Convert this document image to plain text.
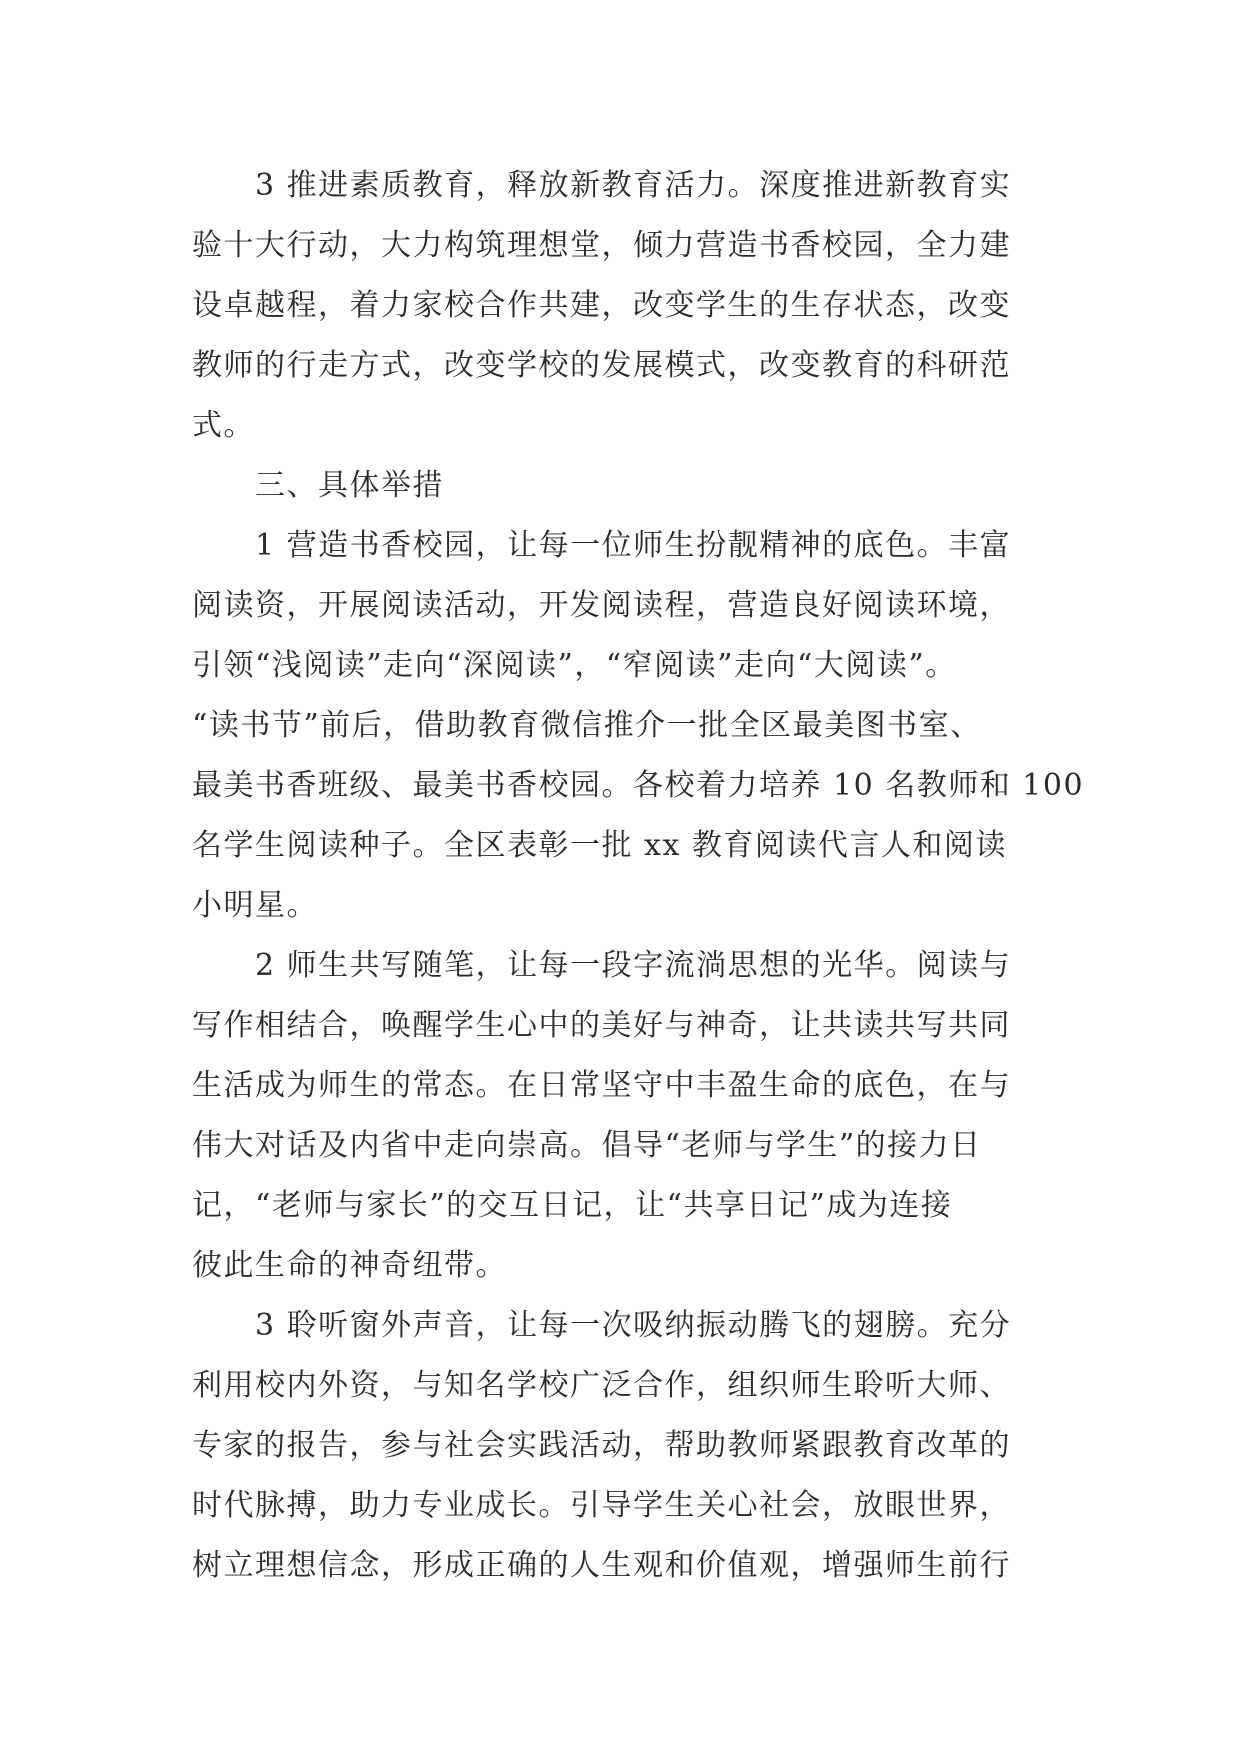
　　3 推进素质教育，释放新教育活力。深度推进新教育实
验十大行动，大力构筑理想堂，倾力营造书香校园，全力建
设卓越程，着力家校合作共建，改变学生的生存状态，改变
教师的行走方式，改变学校的发展模式，改变教育的科研范
式。
　　三、具体举措
　　1 营造书香校园，让每一位师生扮靓精神的底色。丰富
阅读资，开展阅读活动，开发阅读程，营造良好阅读环境，
引领“浅阅读”走向“深阅读”，“窄阅读”走向“大阅读”。
“读书节”前后，借助教育微信推介一批全区最美图书室、
最美书香班级、最美书香校园。各校着力培养 10 名教师和 100
名学生阅读种子。全区表彰一批 xx 教育阅读代言人和阅读
小明星。
　　2 师生共写随笔，让每一段字流淌思想的光华。阅读与
写作相结合，唤醒学生心中的美好与神奇，让共读共写共同
生活成为师生的常态。在日常坚守中丰盈生命的底色，在与
伟大对话及内省中走向崇高。倡导“老师与学生”的接力日
记，“老师与家长”的交互日记，让“共享日记”成为连接
彼此生命的神奇纽带。
　　3 聆听窗外声音，让每一次吸纳振动腾飞的翅膀。充分
利用校内外资，与知名学校广泛合作，组织师生聆听大师、
专家的报告，参与社会实践活动，帮助教师紧跟教育改革的
时代脉搏，助力专业成长。引导学生关心社会，放眼世界，
树立理想信念，形成正确的人生观和价值观，增强师生前行
